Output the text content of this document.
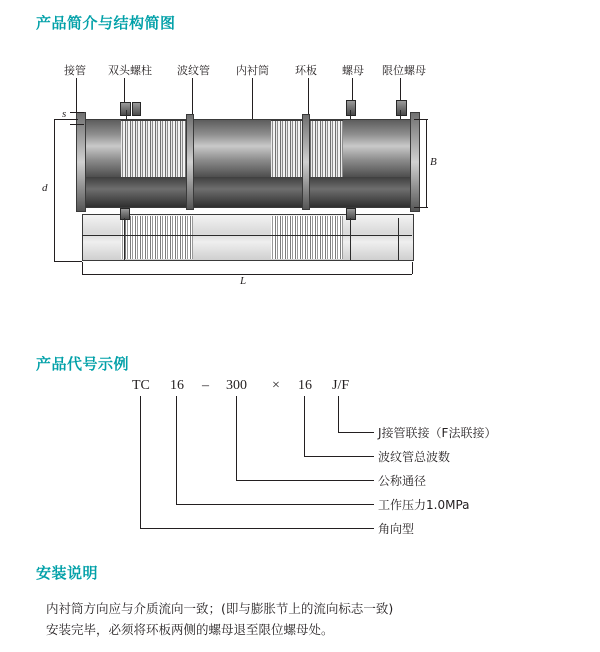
产品简介与结构简图
接管 双头螺柱 波纹管 内衬筒 环板 螺母 限位螺母
d
s
B
L
产品代号示例
TC 16 – 300 × 16 J/F
J接管联接（F法联接）
波纹管总波数
公称通径
工作压力1.0MPa
角向型
安装说明
内衬筒方向应与介质流向一致；(即与膨胀节上的流向标志一致)
安装完毕，必须将环板两侧的螺母退至限位螺母处。
